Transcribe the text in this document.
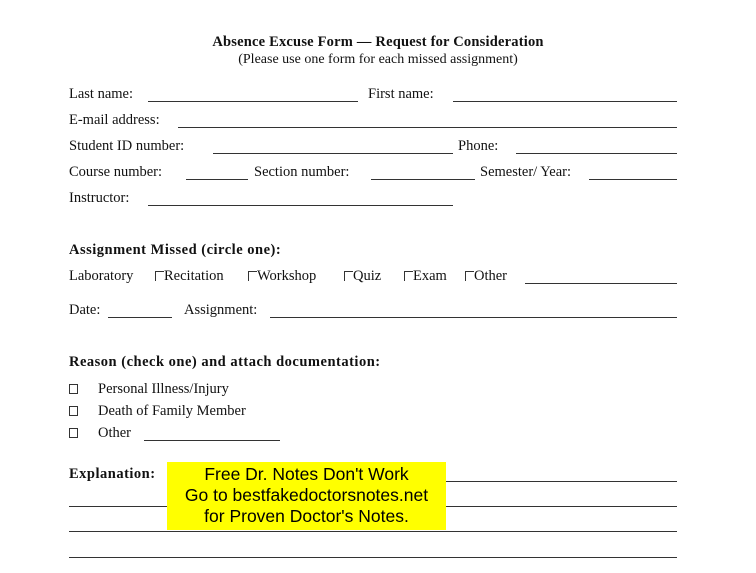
Absence Excuse Form — Request for Consideration
(Please use one form for each missed assignment)
Last name:	First name:
E-mail address:
Student ID number:	Phone:
Course number:	Section number:	Semester/ Year:
Instructor:
Assignment Missed (circle one):
Laboratory	Recitation	Workshop	Quiz	Exam	Other
Date:	Assignment:
Reason (check one) and attach documentation:
Personal Illness/Injury
Death of Family Member
Other
Explanation:	Free Dr. Notes Don't Work
Go to bestfakedoctorsnotes.net
for Proven Doctor's Notes.
